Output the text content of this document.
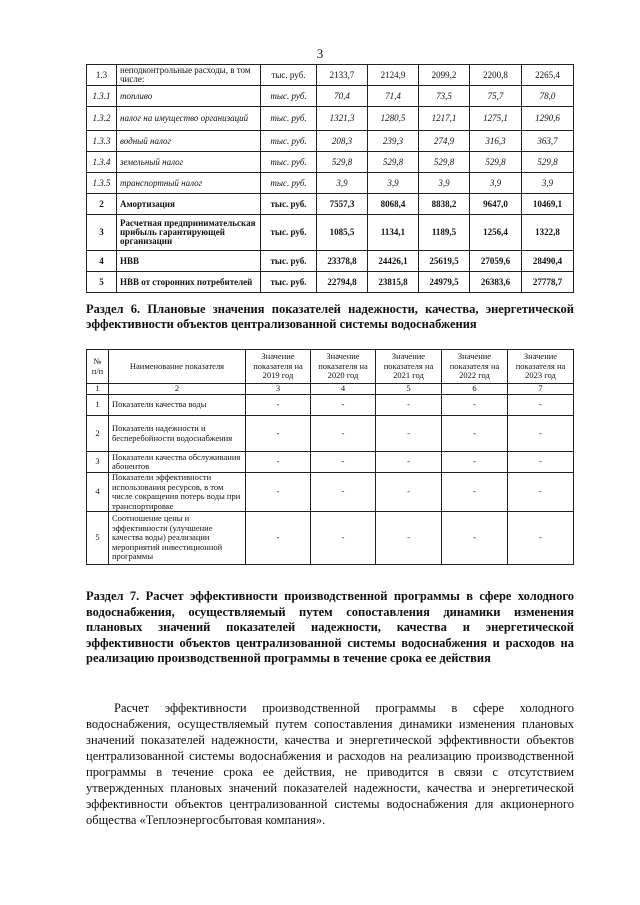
3
1.3	неподконтрольные расходы, в том числе:	тыс. руб.	2133,7	2124,9	2099,2	2200,8	2265,4
1.3.1	топливо	тыс. руб.	70,4	71,4	73,5	75,7	78,0
1.3.2	налог на имущество организаций	тыс. руб.	1321,3	1280,5	1217,1	1275,1	1290,6
1.3.3	водный налог	тыс. руб.	208,3	239,3	274,9	316,3	363,7
1.3.4	земельный налог	тыс. руб.	529,8	529,8	529,8	529,8	529,8
1.3.5	транспортный налог	тыс. руб.	3,9	3,9	3,9	3,9	3,9
2	Амортизация	тыс. руб.	7557,3	8068,4	8838,2	9647,0	10469,1
3	Расчетная предпринимательская прибыль гарантирующей организации	тыс. руб.	1085,5	1134,1	1189,5	1256,4	1322,8
4	НВВ	тыс. руб.	23378,8	24426,1	25619,5	27059,6	28490,4
5	НВВ от сторонних потребителей	тыс. руб.	22794,8	23815,8	24979,5	26383,6	27778,7
Раздел 6. Плановые значения показателей надежности, качества, энергетической эффективности объектов централизованной системы водоснабжения
№ п/п	Наименование показателя	Значение показателя на 2019 год	Значение показателя на 2020 год	Значение показателя на 2021 год	Значение показателя на 2022 год	Значение показателя на 2023 год
1	2	3	4	5	6	7
1	Показатели качества воды	-	-	-	-	-
2	Показатели надежности и бесперебойности водоснабжения	-	-	-	-	-
3	Показатели качества обслуживания абонентов	-	-	-	-	-
4	Показатели эффективности использования ресурсов, в том числе сокращения потерь воды при транспортировке	-	-	-	-	-
5	Соотношение цены и эффективности (улучшение качества воды) реализации мероприятий инвестиционной программы	-	-	-	-	-
Раздел 7. Расчет эффективности производственной программы в сфере холодного водоснабжения, осуществляемый путем сопоставления динамики изменения плановых значений показателей надежности, качества и энергетической эффективности объектов централизованной системы водоснабжения и расходов на реализацию производственной программы в течение срока ее действия
Расчет эффективности производственной программы в сфере холодного водоснабжения, осуществляемый путем сопоставления динамики изменения плановых значений показателей надежности, качества и энергетической эффективности объектов централизованной системы водоснабжения и расходов на реализацию производственной программы в течение срока ее действия, не приводится в связи с отсутствием утвержденных плановых значений показателей надежности, качества и энергетической эффективности объектов централизованной системы водоснабжения для акционерного общества «Теплоэнергосбытовая компания».
